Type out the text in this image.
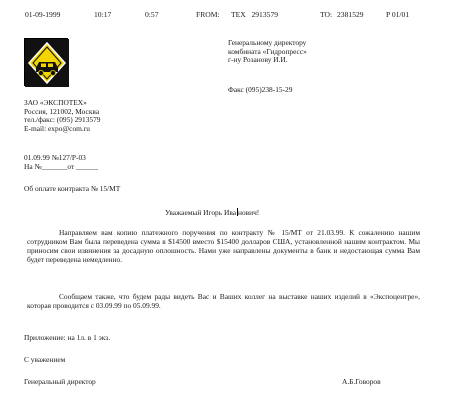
01-09-1999	10:17	0:57	FROM: TEX   2913579	TO: 2381529	P 01/01
Генеральному директору
комбината «Гидропресс»
г-ну Розанову И.И.
Факс (095)238-15-29
ЗАО «ЭКСПОТЕХ»
Россия, 121002, Москва
тел./факс: (095) 2913579
E-mail: expo@com.ru
01.09.99 №127/Р-03
На №_______от ______
Об оплате контракта № 15/МТ
Уважаемый Игорь Ива нович!
Направляем вам копию платежного поручения по контракту № 15/МТ от 21.03.99. К сожалению нашим сотрудником Вам была переведена сумма в $14500 вместо $15400 долларов США, установленной нашим контрактом. Мы приносим свои извинения за досадную оплошность. Нами уже направлены документы в банк и недостающая сумма Вам будет переведена немедленно.
Сообщаем также, что будем рады видеть Вас и Ваших коллег на выставке наших изделий в «Экспоцентре», которая проводится с 03.09.99 по 05.09.99.
Приложение: на 1л. в 1 экз.
С уважением
Генеральный директор	А.Б.Говоров
